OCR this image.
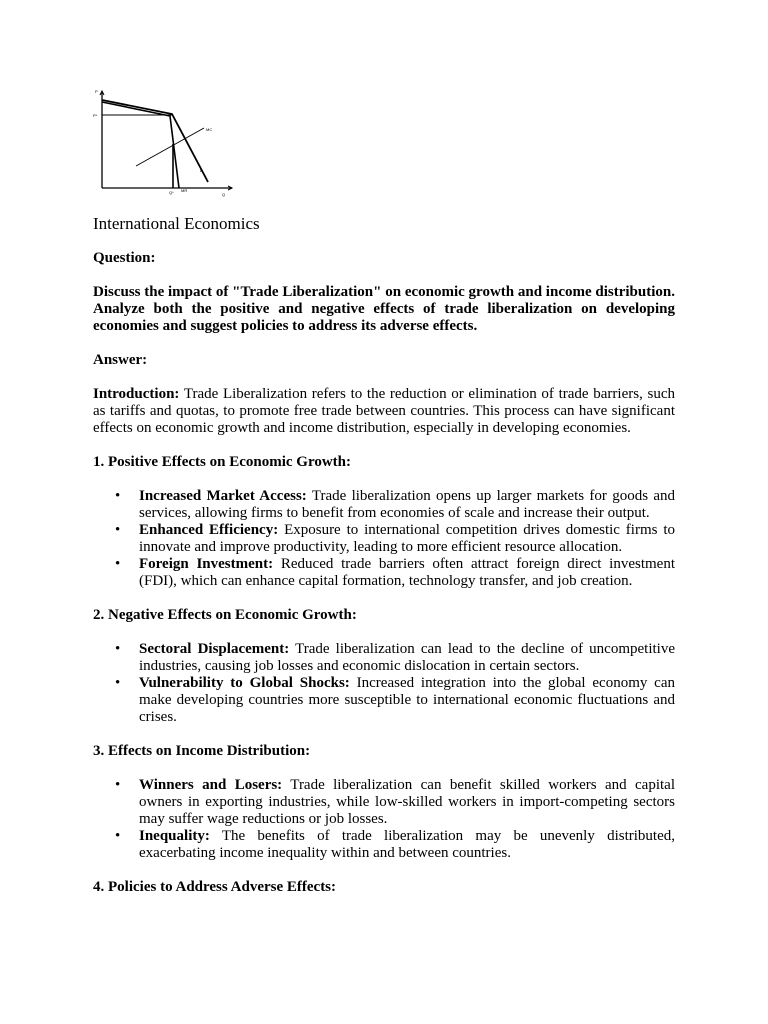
P
P*
MC
D
Q* MR
Q
International Economics
Question:
Discuss the impact of "Trade Liberalization" on economic growth and income distribution. Analyze both the positive and negative effects of trade liberalization on developing economies and suggest policies to address its adverse effects.
Answer:

Introduction: Trade Liberalization refers to the reduction or elimination of trade barriers, such as tariffs and quotas, to promote free trade between countries. This process can have significant effects on economic growth and income distribution, especially in developing economies.

1. Positive Effects on Economic Growth:
• Increased Market Access: Trade liberalization opens up larger markets for goods and services, allowing firms to benefit from economies of scale and increase their output.
• Enhanced Efficiency: Exposure to international competition drives domestic firms to innovate and improve productivity, leading to more efficient resource allocation.
• Foreign Investment: Reduced trade barriers often attract foreign direct investment (FDI), which can enhance capital formation, technology transfer, and job creation.
2. Negative Effects on Economic Growth:
• Sectoral Displacement: Trade liberalization can lead to the decline of uncompetitive industries, causing job losses and economic dislocation in certain sectors.
• Vulnerability to Global Shocks: Increased integration into the global economy can make developing countries more susceptible to international economic fluctuations and crises.
3. Effects on Income Distribution:
• Winners and Losers: Trade liberalization can benefit skilled workers and capital owners in exporting industries, while low-skilled workers in import-competing sectors may suffer wage reductions or job losses.
• Inequality: The benefits of trade liberalization may be unevenly distributed, exacerbating income inequality within and between countries.
4. Policies to Address Adverse Effects:
